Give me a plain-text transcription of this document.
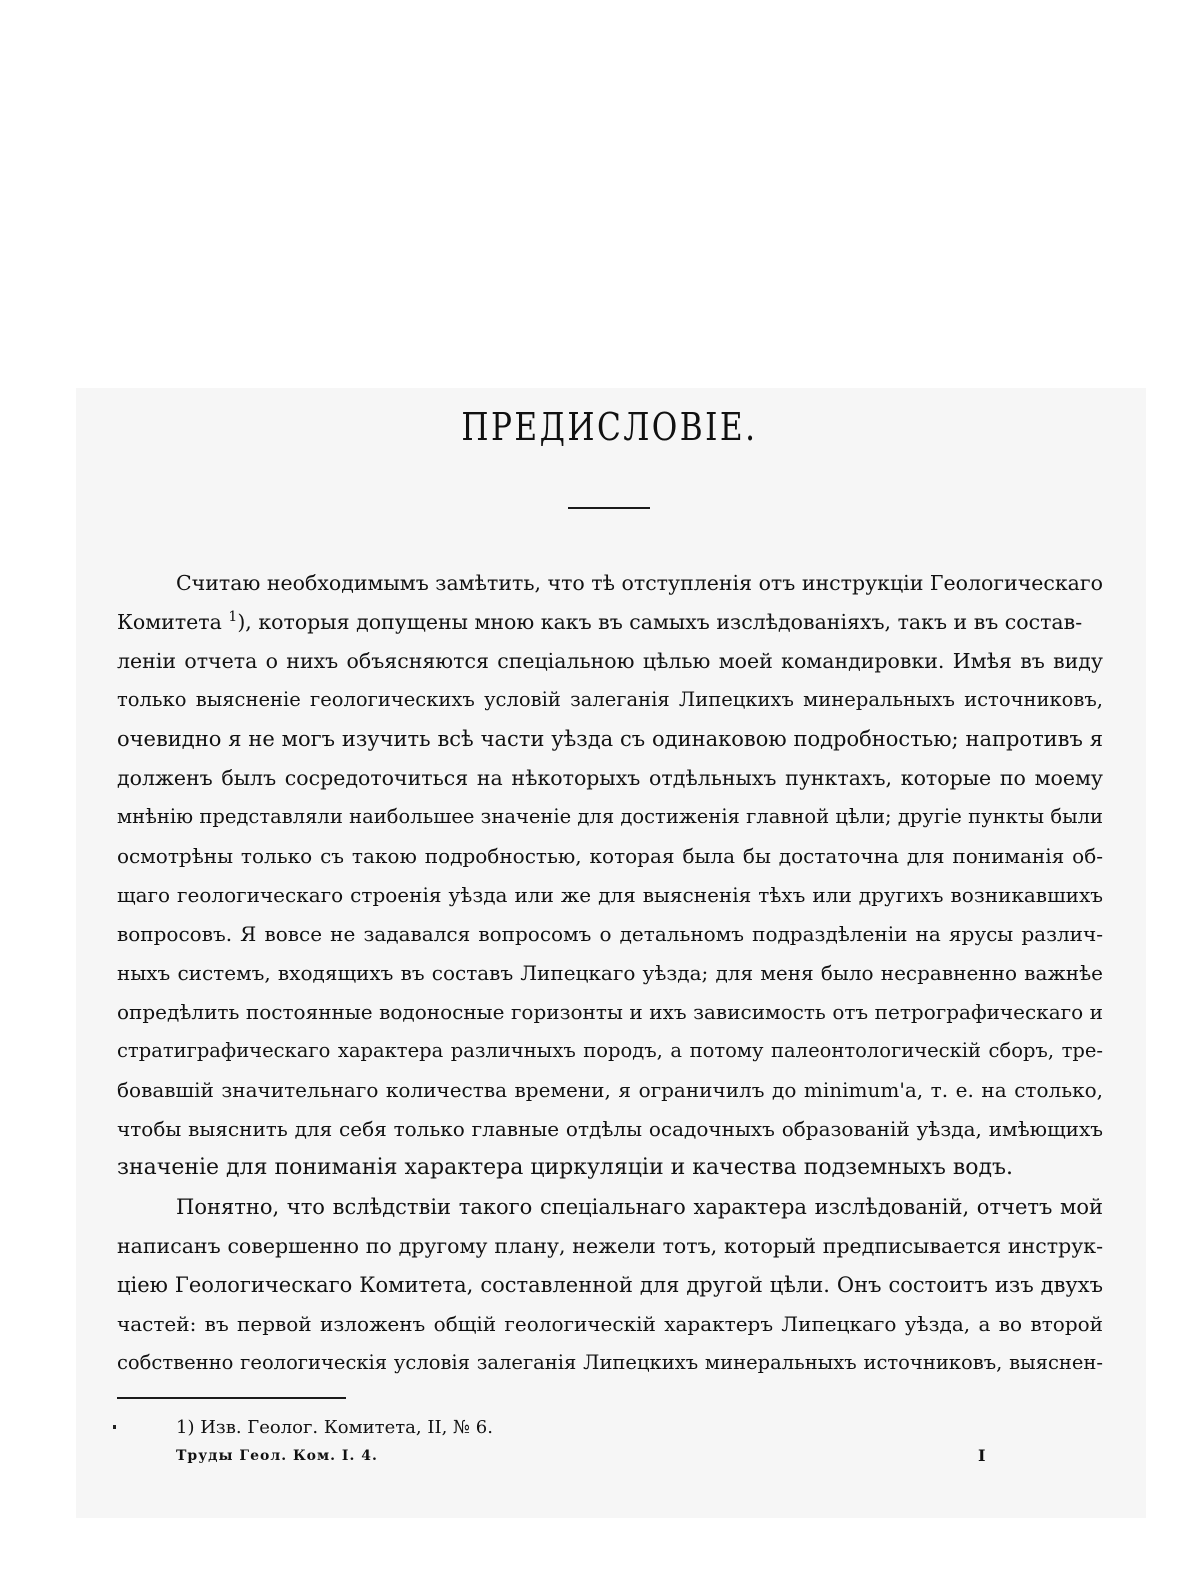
ПРЕДИСЛОВІЕ.
Считаю необходимымъ замѣтить, что тѣ отступленія отъ инструкціи Геологическаго
Комитета $^1$), которыя допущены мною какъ въ самыхъ изслѣдованіяхъ, такъ и въ состав-
леніи отчета о нихъ объясняются спеціальною цѣлью моей командировки. Имѣя въ виду
только выясненіе геологическихъ условій залеганія Липецкихъ минеральныхъ источниковъ,
очевидно я не могъ изучить всѣ части уѣзда съ одинаковою подробностью; напротивъ я
долженъ былъ сосредоточиться на нѣкоторыхъ отдѣльныхъ пунктахъ, которые по моему
мнѣнію представляли наибольшее значеніе для достиженія главной цѣли; другіе пункты были
осмотрѣны только съ такою подробностью, которая была бы достаточна для пониманія об-
щаго геологическаго строенія уѣзда или же для выясненія тѣхъ или другихъ возникавшихъ
вопросовъ. Я вовсе не задавался вопросомъ о детальномъ подраздѣленіи на ярусы различ-
ныхъ системъ, входящихъ въ составъ Липецкаго уѣзда; для меня было несравненно важнѣе
опредѣлить постоянные водоносные горизонты и ихъ зависимость отъ петрографическаго и
стратиграфическаго характера различныхъ породъ, а потому палеонтологическій сборъ, тре-
бовавшій значительнаго количества времени, я ограничилъ до minimum'a, т. е. на столько,
чтобы выяснить для себя только главные отдѣлы осадочныхъ образованій уѣзда, имѣющихъ
значеніе для пониманія характера циркуляціи и качества подземныхъ водъ.
Понятно, что вслѣдствіи такого спеціальнаго характера изслѣдованій, отчетъ мой
написанъ совершенно по другому плану, нежели тотъ, который предписывается инструк-
ціею Геологическаго Комитета, составленной для другой цѣли. Онъ состоитъ изъ двухъ
частей: въ первой изложенъ общій геологическій характеръ Липецкаго уѣзда, а во второй
собственно геологическія условія залеганія Липецкихъ минеральныхъ источниковъ, выяснен-
1) Изв. Геолог. Комитета, II, № 6.
Труды Геол. Ком. I. 4.	I
